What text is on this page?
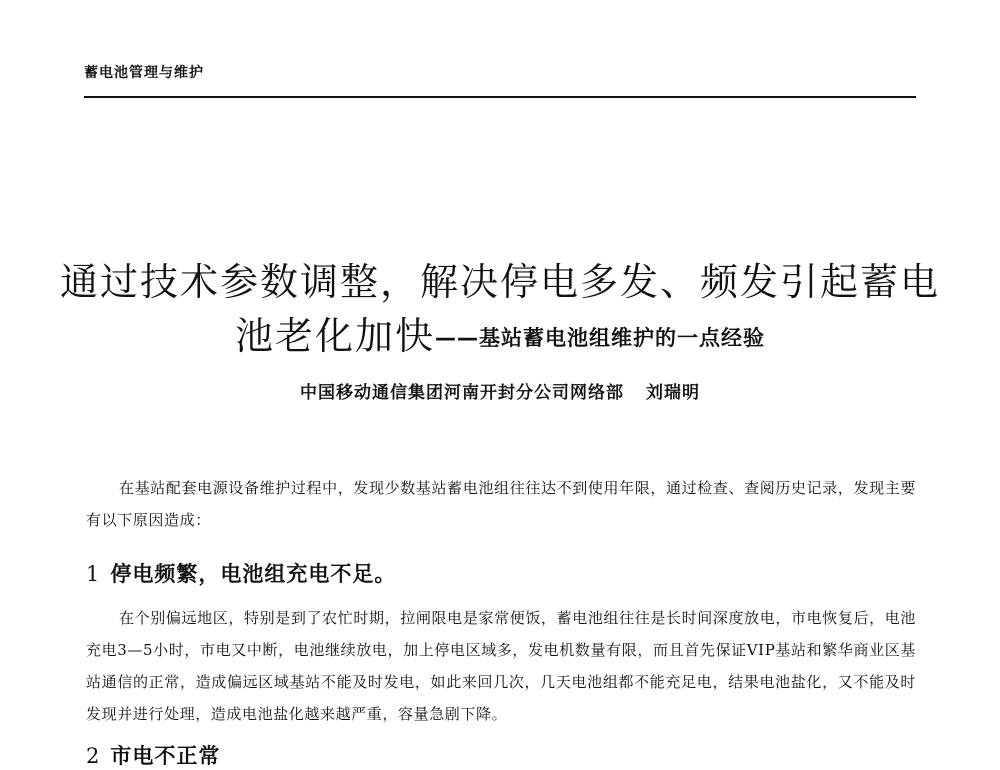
蓄电池管理与维护
通过技术参数调整，解决停电多发、频发引起蓄电
池老化加快——基站蓄电池组维护的一点经验
中国移动通信集团河南开封分公司网络部 刘瑞明

在基站配套电源设备维护过程中，发现少数基站蓄电池组往往达不到使用年限，通过检查、查阅历史记录，发现主要有以下原因造成：

1 停电频繁，电池组充电不足。

在个别偏远地区，特别是到了农忙时期，拉闸限电是家常便饭，蓄电池组往往是长时间深度放电，市电恢复后，电池充电3—5小时，市电又中断，电池继续放电，加上停电区域多，发电机数量有限，而且首先保证VIP基站和繁华商业区基站通信的正常，造成偏远区域基站不能及时发电，如此来回几次，几天电池组都不能充足电，结果电池盐化，又不能及时发现并进行处理，造成电池盐化越来越严重，容量急剧下降。

2 市电不正常
